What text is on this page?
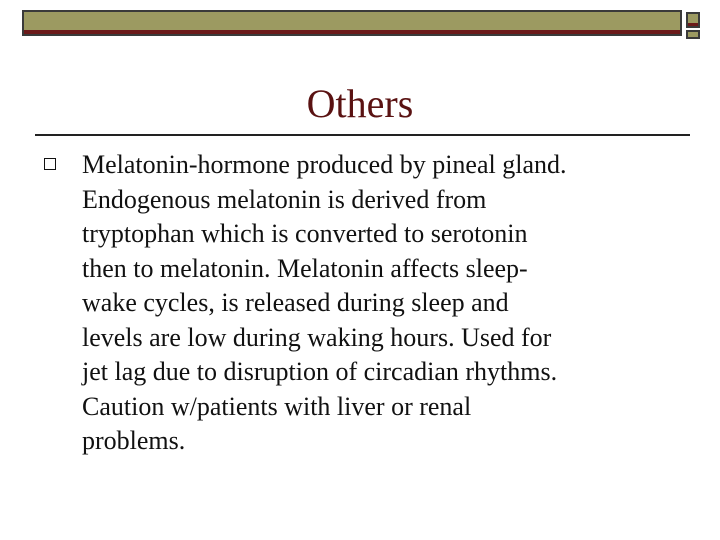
Others

Melatonin-hormone produced by pineal gland.
Endogenous melatonin is derived from
tryptophan which is converted to serotonin
then to melatonin. Melatonin affects sleep-
wake cycles, is released during sleep and
levels are low during waking hours. Used for
jet lag due to disruption of circadian rhythms.
Caution w/patients with liver or renal
problems.
